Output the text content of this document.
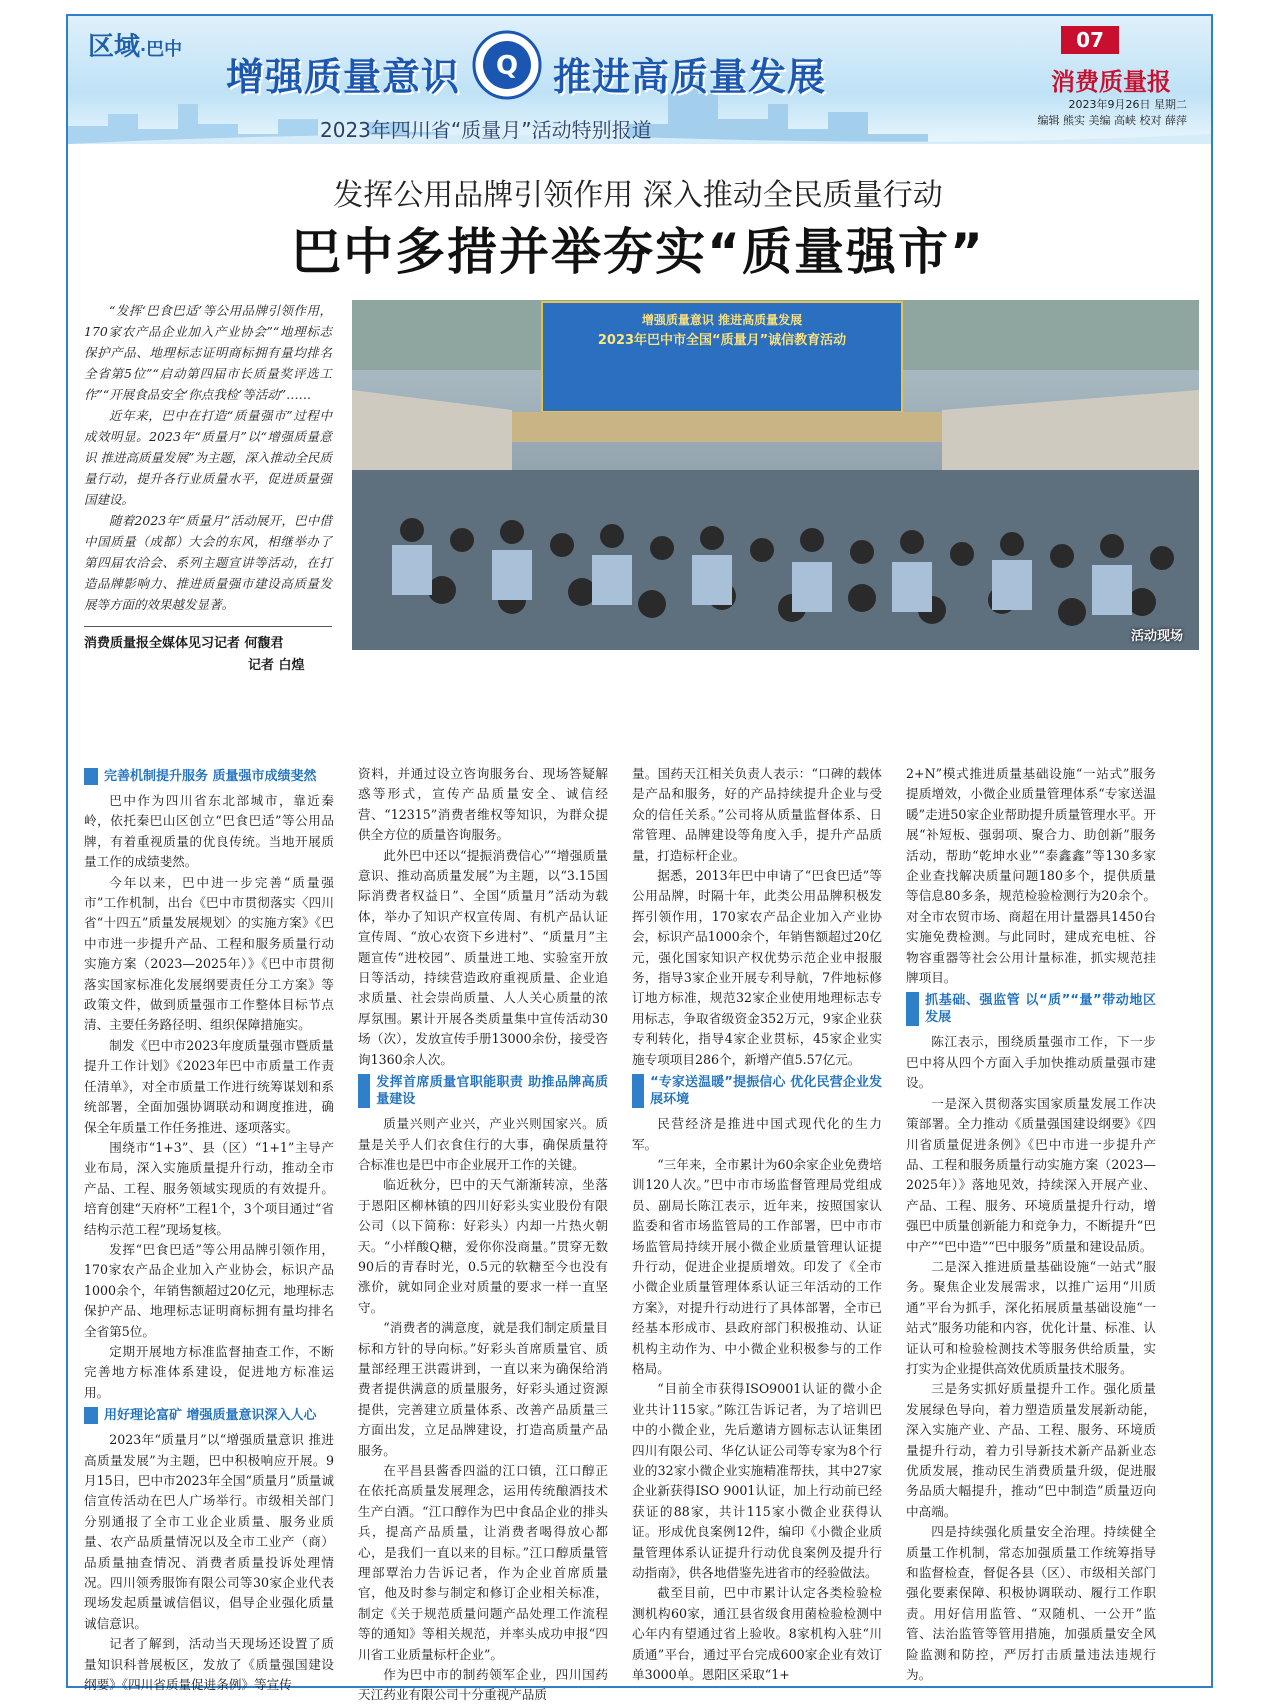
区域·巴中
增强质量意识 Q 推进高质量发展
2023年四川省“质量月”活动特别报道
07
消费质量报
2023年9月26日 星期二
编辑 熊实 美编 高峡 校对 薛萍
发挥公用品牌引领作用 深入推动全民质量行动
巴中多措并举夯实“质量强市”

“发挥‘巴食巴适’等公用品牌引领作用，170家农产品企业加入产业协会”“地理标志保护产品、地理标志证明商标拥有量均排名全省第5位”“启动第四届市长质量奖评选工作”“开展食品安全‘你点我检’等活动”……

近年来，巴中在打造“质量强市”过程中成效明显。2023年“质量月”以“增强质量意识 推进高质量发展”为主题，深入推动全民质量行动，提升各行业质量水平，促进质量强国建设。

随着2023年“质量月”活动展开，巴中借中国质量（成都）大会的东风，相继举办了第四届农洽会、系列主题宣讲等活动，在打造品牌影响力、推进质量强市建设高质量发展等方面的效果越发显著。

消费质量报全媒体见习记者 何馥君
记者 白煌
增强质量意识 推进高质量发展
2023年巴中市全国“质量月”诚信教育活动
活动现场
完善机制提升服务 质量强市成绩斐然

巴中作为四川省东北部城市，靠近秦岭，依托秦巴山区创立“巴食巴适”等公用品牌，有着重视质量的优良传统。当地开展质量工作的成绩斐然。

今年以来，巴中进一步完善“质量强市”工作机制，出台《巴中市贯彻落实〈四川省“十四五”质量发展规划〉的实施方案》《巴中市进一步提升产品、工程和服务质量行动实施方案（2023—2025年）》《巴中市贯彻落实国家标准化发展纲要责任分工方案》等政策文件，做到质量强市工作整体目标节点清、主要任务路径明、组织保障措施实。

制发《巴中市2023年度质量强市暨质量提升工作计划》《2023年巴中市质量工作责任清单》，对全市质量工作进行统筹谋划和系统部署，全面加强协调联动和调度推进，确保全年质量工作任务推进、逐项落实。

围绕市“1+3”、县（区）“1+1”主导产业布局，深入实施质量提升行动，推动全市产品、工程、服务领域实现质的有效提升。培育创建“天府杯”工程1个，3个项目通过“省结构示范工程”现场复核。

发挥“巴食巴适”等公用品牌引领作用，170家农产品企业加入产业协会，标识产品1000余个，年销售额超过20亿元，地理标志保护产品、地理标志证明商标拥有量均排名全省第5位。

定期开展地方标准监督抽查工作，不断完善地方标准体系建设，促进地方标准运用。

用好理论富矿 增强质量意识深入人心

2023年“质量月”以“增强质量意识 推进高质量发展”为主题，巴中积极响应开展。9月15日，巴中市2023年全国“质量月”质量诚信宣传活动在巴人广场举行。市级相关部门分别通报了全市工业企业质量、服务业质量、农产品质量情况以及全市工业产（商）品质量抽查情况、消费者质量投诉处理情况。四川领秀服饰有限公司等30家企业代表现场发起质量诚信倡议，倡导企业强化质量诚信意识。

记者了解到，活动当天现场还设置了质量知识科普展板区，发放了《质量强国建设纲要》《四川省质量促进条例》等宣传

资料，并通过设立咨询服务台、现场答疑解惑等形式，宣传产品质量安全、诚信经营、“12315”消费者维权等知识，为群众提供全方位的质量咨询服务。

此外巴中还以“提振消费信心”“增强质量意识、推动高质量发展”为主题，以“3.15国际消费者权益日”、全国“质量月”活动为载体，举办了知识产权宣传周、有机产品认证宣传周、“放心农资下乡进村”、“质量月”主题宣传“进校园”、质量进工地、实验室开放日等活动，持续营造政府重视质量、企业追求质量、社会崇尚质量、人人关心质量的浓厚氛围。累计开展各类质量集中宣传活动30场（次），发放宣传手册13000余份，接受咨询1360余人次。

发挥首席质量官职能职责 助推品牌高质量建设

质量兴则产业兴，产业兴则国家兴。质量是关乎人们衣食住行的大事，确保质量符合标准也是巴中市企业展开工作的关键。

临近秋分，巴中的天气渐渐转凉，坐落于恩阳区柳林镇的四川好彩头实业股份有限公司（以下简称：好彩头）内却一片热火朝天。“小样酸Q糖，爱你你没商量。”贯穿无数90后的青春时光，0.5元的软糖至今也没有涨价，就如同企业对质量的要求一样一直坚守。

“消费者的满意度，就是我们制定质量目标和方针的导向标。”好彩头首席质量官、质量部经理王洪霞讲到，一直以来为确保给消费者提供满意的质量服务，好彩头通过资源提供，完善建立质量体系、改善产品质量三方面出发，立足品牌建设，打造高质量产品服务。

在平昌县酱香四溢的江口镇，江口醇正在依托高质量发展理念，运用传统酿酒技术生产白酒。“江口醇作为巴中食品企业的排头兵，提高产品质量，让消费者喝得放心都心，是我们一直以来的目标。”江口醇质量管理部覃治力告诉记者，作为企业首席质量官，他及时参与制定和修订企业相关标准，制定《关于规范质量问题产品处理工作流程等的通知》等相关规范，并率头成功申报“四川省工业质量标杆企业”。

作为巴中市的制药领军企业，四川国药天江药业有限公司十分重视产品质

量。国药天江相关负责人表示：“口碑的载体是产品和服务，好的产品持续提升企业与受众的信任关系。”公司将从质量监督体系、日常管理、品牌建设等角度入手，提升产品质量，打造标杆企业。

据悉，2013年巴中申请了“巴食巴适”等公用品牌，时隔十年，此类公用品牌积极发挥引领作用，170家农产品企业加入产业协会，标识产品1000余个，年销售额超过20亿元，强化国家知识产权优势示范企业申报服务，指导3家企业开展专利导航，7件地标修订地方标准，规范32家企业使用地理标志专用标志，争取省级资金352万元，9家企业获专利转化，指导4家企业贯标，45家企业实施专项项目286个，新增产值5.57亿元。

“专家送温暖”提振信心 优化民营企业发展环境

民营经济是推进中国式现代化的生力军。

“三年来，全市累计为60余家企业免费培训120人次。”巴中市市场监督管理局党组成员、副局长陈江表示，近年来，按照国家认监委和省市场监管局的工作部署，巴中市市场监管局持续开展小微企业质量管理认证提升行动，促进企业提质增效。印发了《全市小微企业质量管理体系认证三年活动的工作方案》，对提升行动进行了具体部署，全市已经基本形成市、县政府部门积极推动、认证机构主动作为、中小微企业积极参与的工作格局。

“目前全市获得ISO9001认证的微小企业共计115家。”陈江告诉记者，为了培训巴中的小微企业，先后邀请方圆标志认证集团四川有限公司、华亿认证公司等专家为8个行业的32家小微企业实施精准帮扶，其中27家企业新获得ISO 9001认证，加上行动前已经获证的88家，共计115家小微企业获得认证。形成优良案例12件，编印《小微企业质量管理体系认证提升行动优良案例及提升行动指南》，供各地借鉴先进省市的经验做法。

截至目前，巴中市累计认定各类检验检测机构60家，通江县省级食用菌检验检测中心年内有望通过省上验收。8家机构入驻“川质通”平台，通过平台完成600家企业有效订单3000单。恩阳区采取“1+

2+N”模式推进质量基础设施“一站式”服务提质增效，小微企业质量管理体系“专家送温暖”走进50家企业帮助提升质量管理水平。开展“补短板、强弱项、聚合力、助创新”服务活动，帮助“乾坤水业”“泰鑫鑫”等130多家企业查找解决质量问题180多个，提供质量等信息80多条，规范检验检测行为20余个。对全市农贸市场、商超在用计量器具1450台实施免费检测。与此同时，建成充电桩、谷物容重器等社会公用计量标准，抓实规范挂牌项目。

抓基础、强监管 以“质”“量”带动地区发展

陈江表示，围绕质量强市工作，下一步巴中将从四个方面入手加快推动质量强市建设。

一是深入贯彻落实国家质量发展工作决策部署。全力推动《质量强国建设纲要》《四川省质量促进条例》《巴中市进一步提升产品、工程和服务质量行动实施方案（2023—2025年）》落地见效，持续深入开展产业、产品、工程、服务、环境质量提升行动，增强巴中质量创新能力和竞争力，不断提升“巴中产”“巴中造”“巴中服务”质量和建设品质。

二是深入推进质量基础设施“一站式”服务。聚焦企业发展需求，以推广运用“川质通”平台为抓手，深化拓展质量基础设施“一站式”服务功能和内容，优化计量、标准、认证认可和检验检测技术等服务供给质量，实打实为企业提供高效优质质量技术服务。

三是务实抓好质量提升工作。强化质量发展绿色导向，着力塑造质量发展新动能，深入实施产业、产品、工程、服务、环境质量提升行动，着力引导新技术新产品新业态优质发展，推动民生消费质量升级，促进服务品质大幅提升，推动“巴中制造”质量迈向中高端。

四是持续强化质量安全治理。持续健全质量工作机制，常态加强质量工作统筹指导和监督检查，督促各县（区）、市级相关部门强化要素保障、积极协调联动、履行工作职责。用好信用监管、“双随机、一公开”监管、法治监管等管用措施，加强质量安全风险监测和防控，严厉打击质量违法违规行为。
